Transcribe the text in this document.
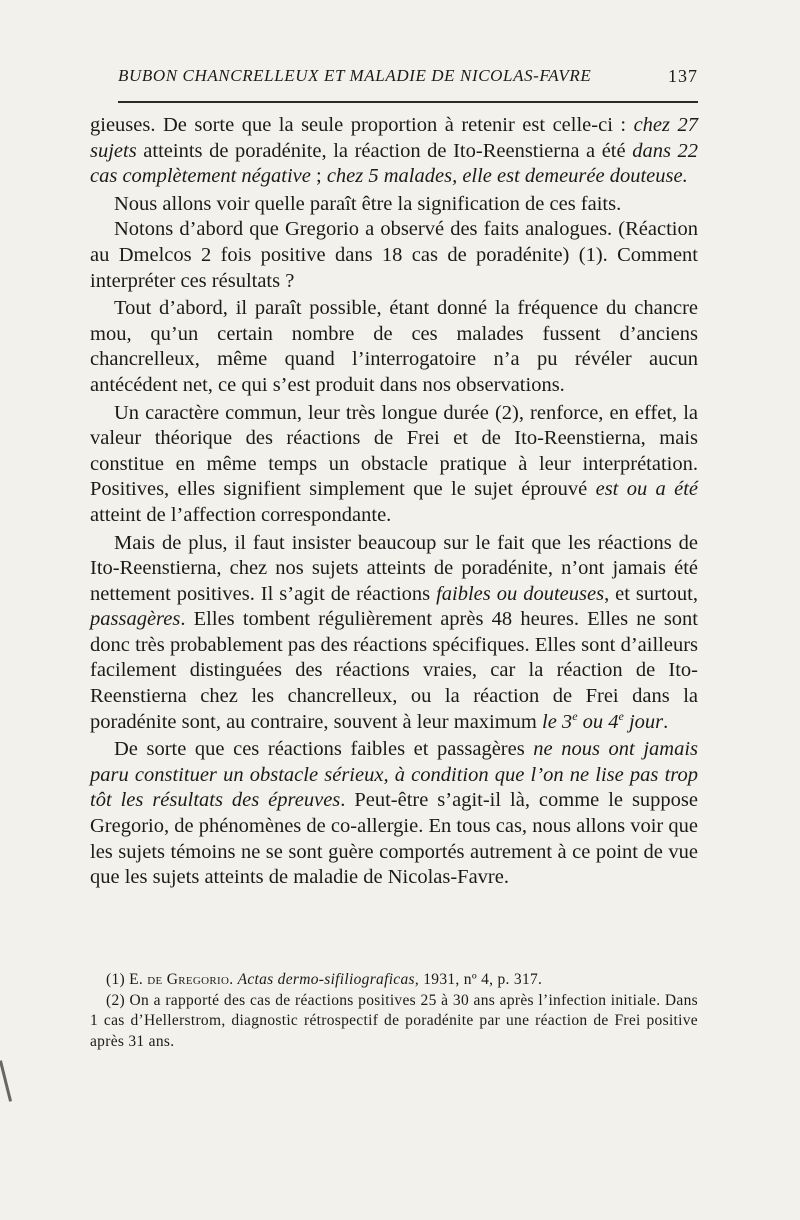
BUBON CHANCRELLEUX ET MALADIE DE NICOLAS-FAVRE	137

gieuses. De sorte que la seule proportion à retenir est celle-ci : chez 27 sujets atteints de poradénite, la réaction de Ito-Reenstierna a été dans 22 cas complètement négative ; chez 5 malades, elle est demeurée douteuse.

Nous allons voir quelle paraît être la signification de ces faits.

Notons d’abord que Gregorio a observé des faits analogues. (Réaction au Dmelcos 2 fois positive dans 18 cas de poradénite) (1). Comment interpréter ces résultats ?

Tout d’abord, il paraît possible, étant donné la fréquence du chancre mou, qu’un certain nombre de ces malades fussent d’anciens chancrelleux, même quand l’interrogatoire n’a pu révéler aucun antécédent net, ce qui s’est produit dans nos observations.

Un caractère commun, leur très longue durée (2), renforce, en effet, la valeur théorique des réactions de Frei et de Ito-Reenstierna, mais constitue en même temps un obstacle pratique à leur interprétation. Positives, elles signifient simplement que le sujet éprouvé est ou a été atteint de l’affection correspondante.

Mais de plus, il faut insister beaucoup sur le fait que les réactions de Ito-Reenstierna, chez nos sujets atteints de poradénite, n’ont jamais été nettement positives. Il s’agit de réactions faibles ou douteuses, et surtout, passagères. Elles tombent régulièrement après 48 heures. Elles ne sont donc très probablement pas des réactions spécifiques. Elles sont d’ailleurs facilement distinguées des réactions vraies, car la réaction de Ito-Reenstierna chez les chancrelleux, ou la réaction de Frei dans la poradénite sont, au contraire, souvent à leur maximum le 3e ou 4e jour.

De sorte que ces réactions faibles et passagères ne nous ont jamais paru constituer un obstacle sérieux, à condition que l’on ne lise pas trop tôt les résultats des épreuves. Peut-être s’agit-il là, comme le suppose Gregorio, de phénomènes de co-allergie. En tous cas, nous allons voir que les sujets témoins ne se sont guère comportés autrement à ce point de vue que les sujets atteints de maladie de Nicolas-Favre.

(1) E. de Gregorio. Actas dermo-sifiliograficas, 1931, nº 4, p. 317.

(2) On a rapporté des cas de réactions positives 25 à 30 ans après l’infection initiale. Dans 1 cas d’Hellerstrom, diagnostic rétrospectif de poradénite par une réaction de Frei positive après 31 ans.
